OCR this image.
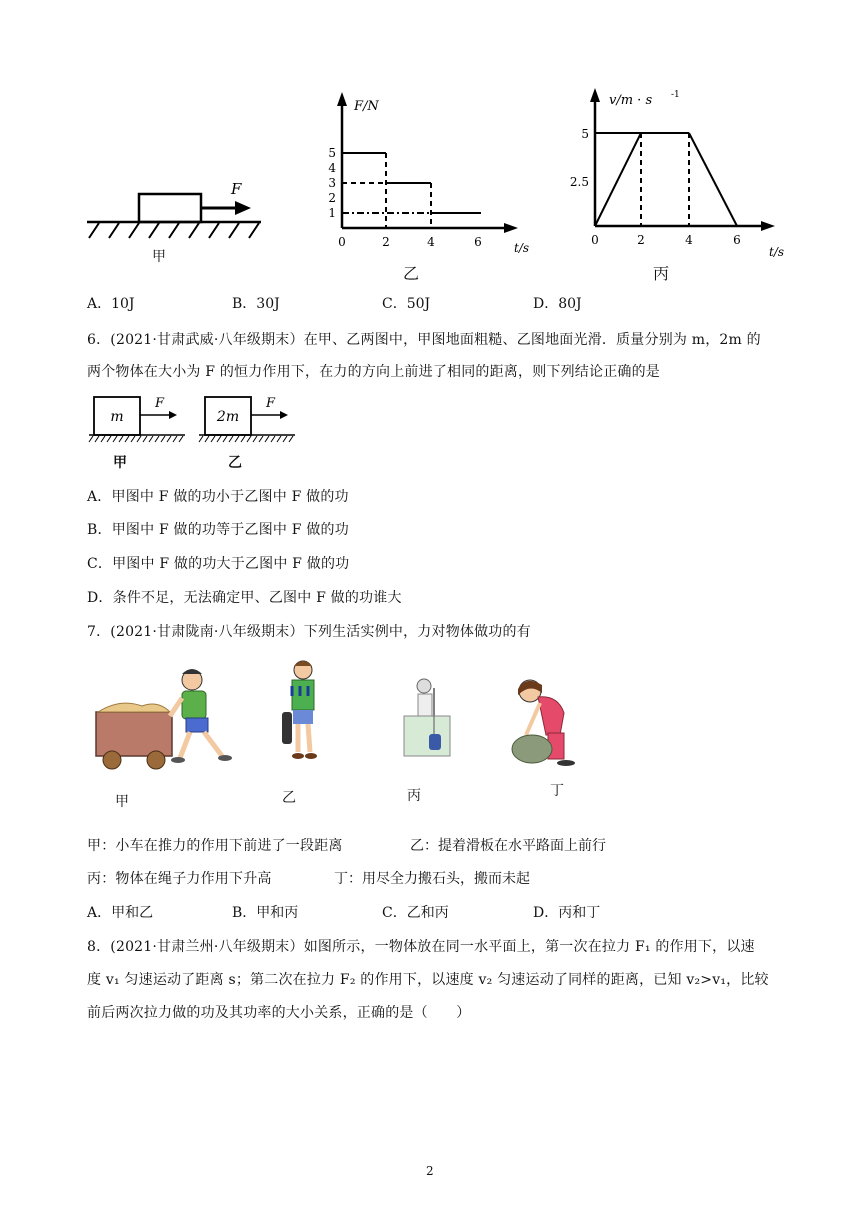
F
甲
F/N
t/s
5
4
3
2
1
0	2	4	6
乙
v/m · s -1
t/s
5
2.5
0	2	4	6
丙
A．10J	B．30J	C．50J	D．80J
6．(2021·甘肃武威·八年级期末）在甲、乙两图中，甲图地面粗糙、乙图地面光滑．质量分别为 m，2m 的
两个物体在大小为 F 的恒力作用下，在力的方向上前进了相同的距离，则下列结论正确的是
m
F
2m
F
甲	乙
A．甲图中 F 做的功小于乙图中 F 做的功
B．甲图中 F 做的功等于乙图中 F 做的功
C．甲图中 F 做的功大于乙图中 F 做的功
D．条件不足，无法确定甲、乙图中 F 做的功谁大
7．(2021·甘肃陇南·八年级期末）下列生活实例中，力对物体做功的有
甲	乙	丙	丁
甲：小车在推力的作用下前进了一段距离	乙：提着滑板在水平路面上前行
丙：物体在绳子力作用下升高	丁：用尽全力搬石头，搬而未起
A．甲和乙	B．甲和丙	C．乙和丙	D．丙和丁
8．(2021·甘肃兰州·八年级期末）如图所示，一物体放在同一水平面上，第一次在拉力 F₁ 的作用下，以速
度 v₁ 匀速运动了距离 s；第二次在拉力 F₂ 的作用下，以速度 v₂ 匀速运动了同样的距离，已知 v₂>v₁，比较
前后两次拉力做的功及其功率的大小关系，正确的是（　　）
2
